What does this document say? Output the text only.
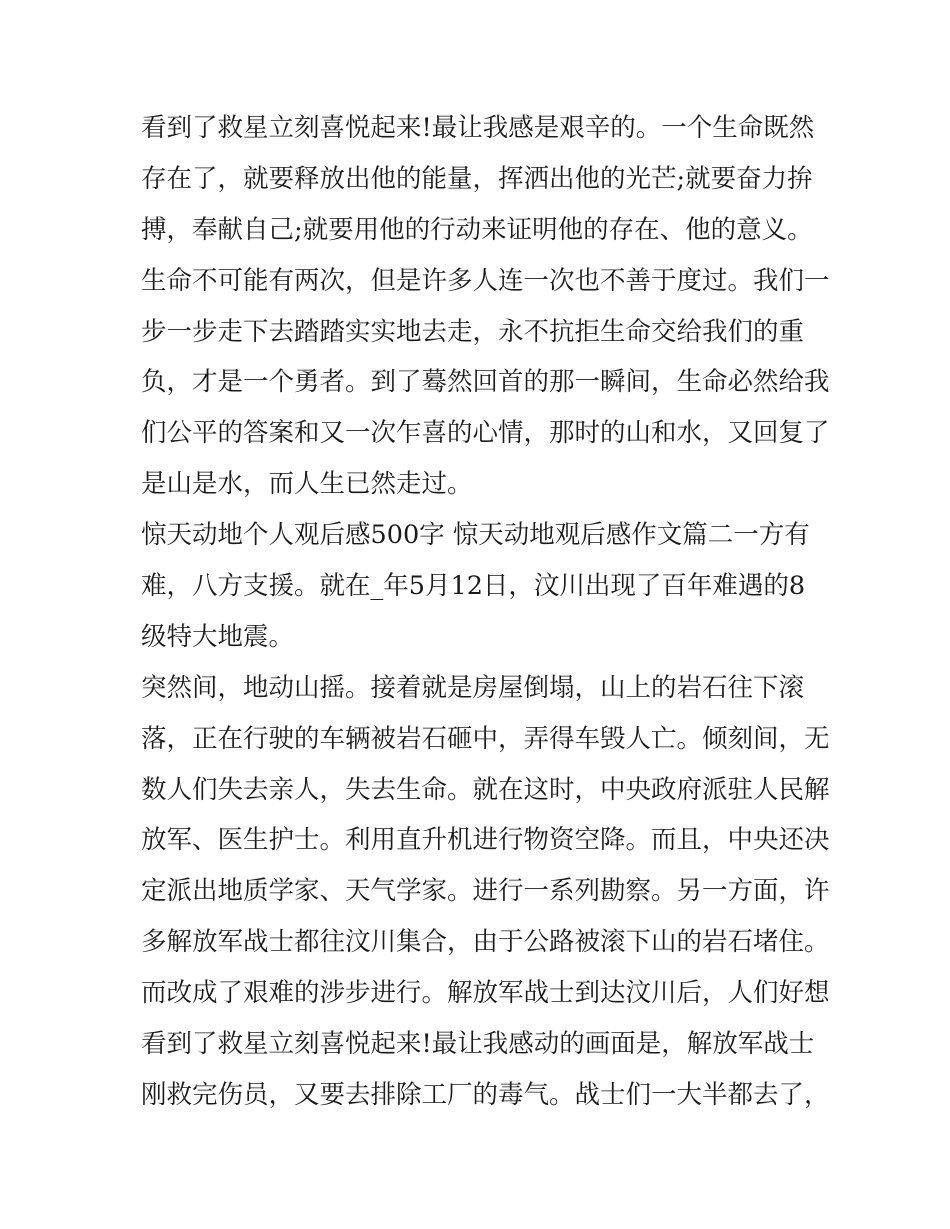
看到了救星立刻喜悦起来!最让我感是艰辛的。一个生命既然

存在了，就要释放出他的能量，挥洒出他的光芒;就要奋力拚

搏，奉献自己;就要用他的行动来证明他的存在、他的意义。

生命不可能有两次，但是许多人连一次也不善于度过。我们一

步一步走下去踏踏实实地去走，永不抗拒生命交给我们的重

负，才是一个勇者。到了蓦然回首的那一瞬间，生命必然给我

们公平的答案和又一次乍喜的心情，那时的山和水，又回复了

是山是水，而人生已然走过。

惊天动地个人观后感500字 惊天动地观后感作文篇二一方有

难，八方支援。就在_年5月12日，汶川出现了百年难遇的8

级特大地震。

突然间，地动山摇。接着就是房屋倒塌，山上的岩石往下滚

落，正在行驶的车辆被岩石砸中，弄得车毁人亡。倾刻间，无

数人们失去亲人，失去生命。就在这时，中央政府派驻人民解

放军、医生护士。利用直升机进行物资空降。而且，中央还决

定派出地质学家、天气学家。进行一系列勘察。另一方面，许

多解放军战士都往汶川集合，由于公路被滚下山的岩石堵住。

而改成了艰难的涉步进行。解放军战士到达汶川后，人们好想

看到了救星立刻喜悦起来!最让我感动的画面是，解放军战士

刚救完伤员，又要去排除工厂的毒气。战士们一大半都去了，
